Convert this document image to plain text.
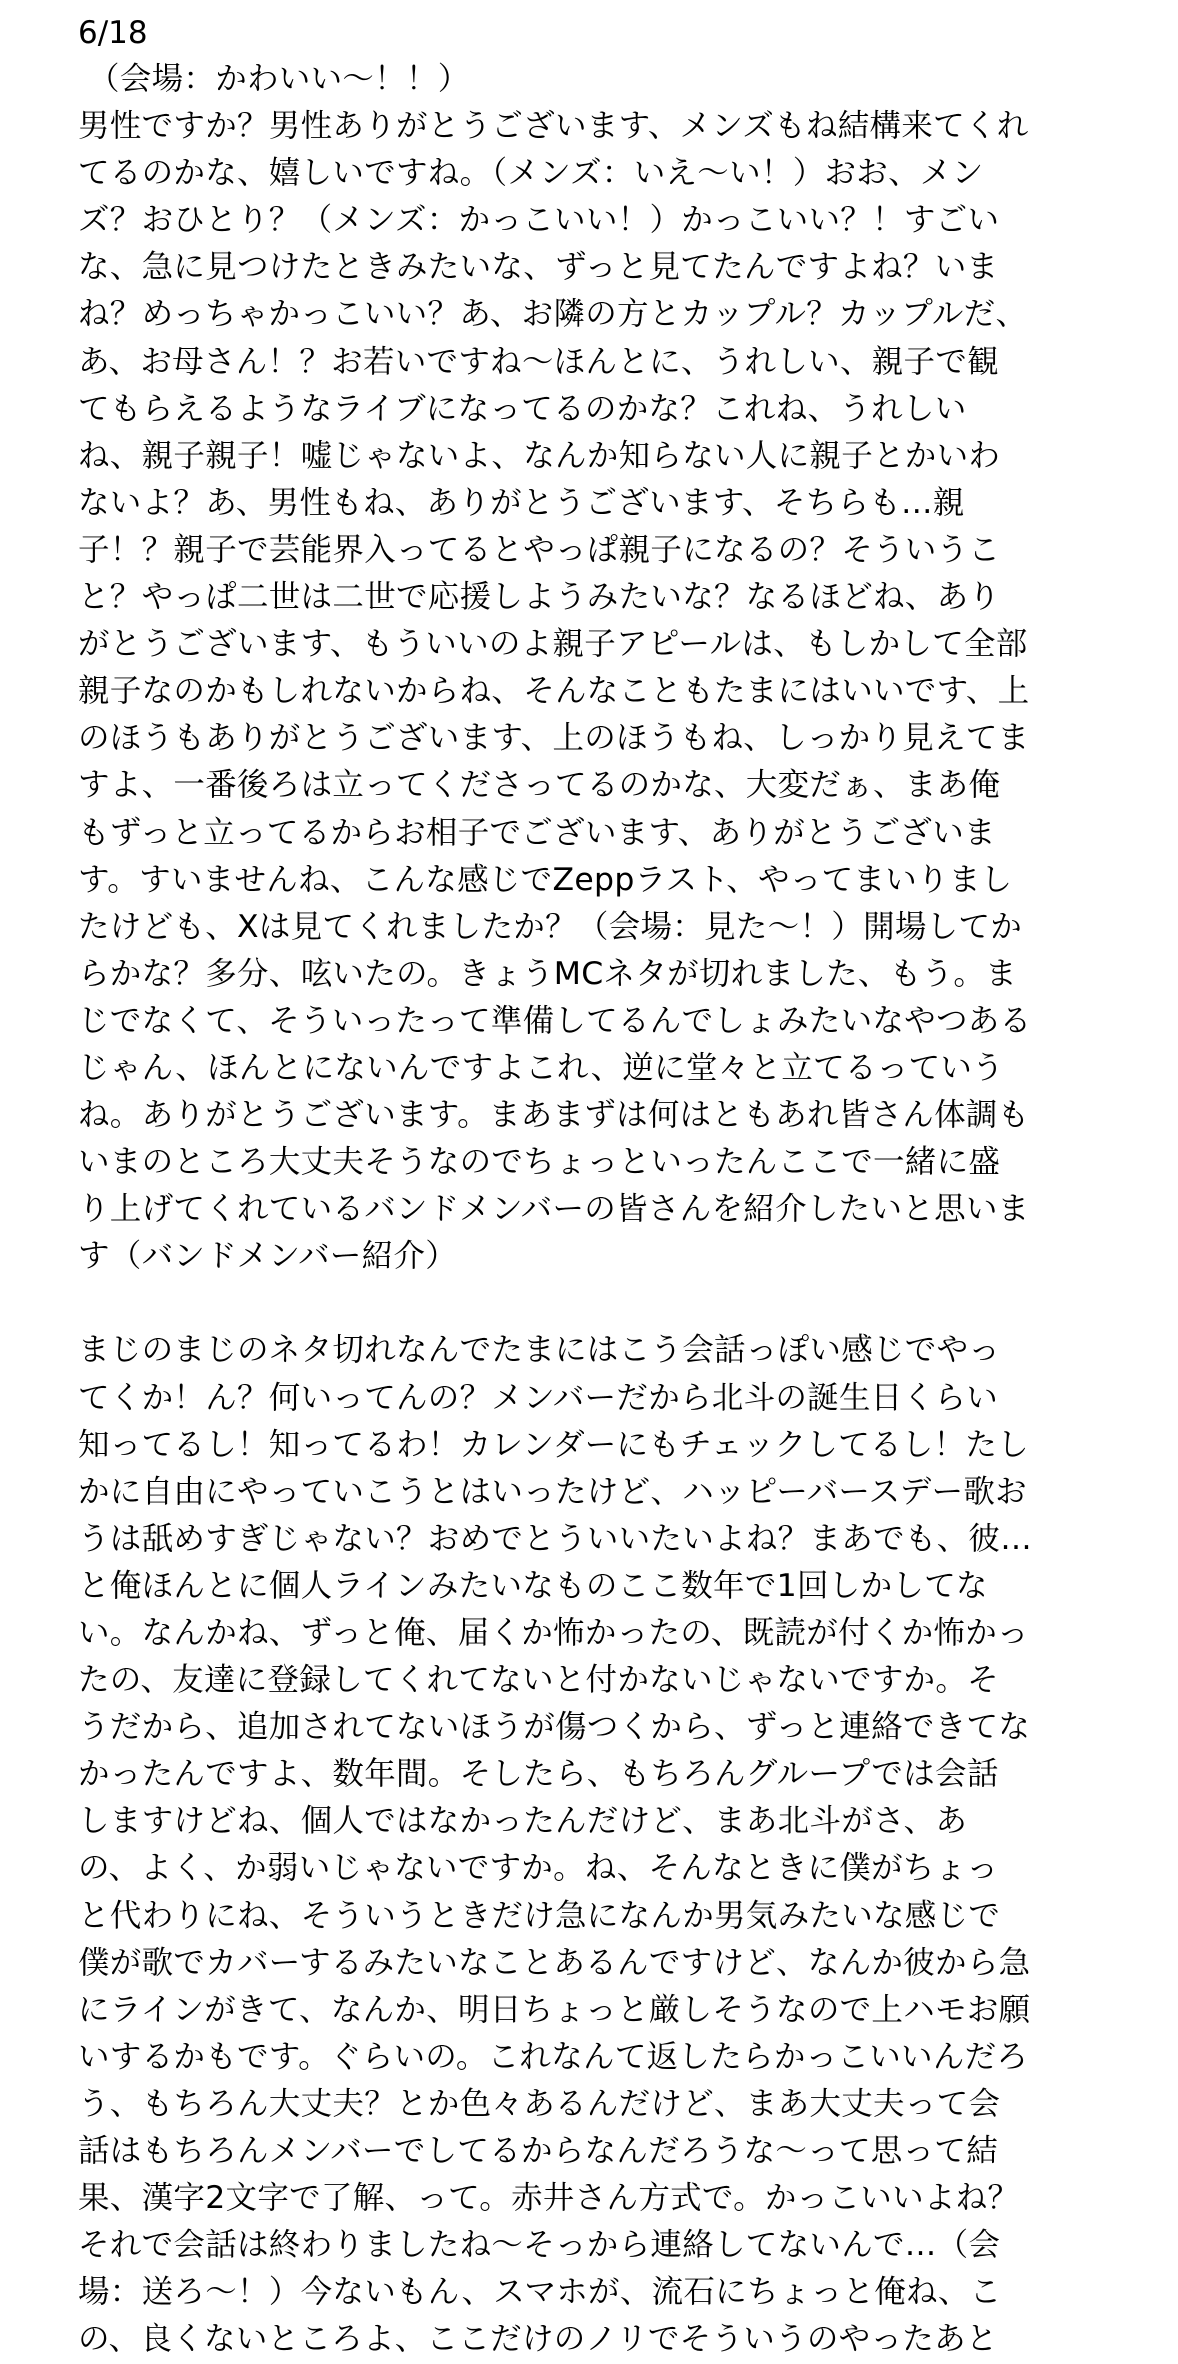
6/18
（会場：かわいい〜！！）
男性ですか？男性ありがとうございます、メンズもね結構来てくれ
てるのかな、嬉しいですね。（メンズ：いえ〜い！）おお、メン
ズ？おひとり？（メンズ：かっこいい！）かっこいい？！すごい
な、急に見つけたときみたいな、ずっと見てたんですよね？いま
ね？めっちゃかっこいい？あ、お隣の方とカップル？カップルだ、
あ、お母さん！？お若いですね〜ほんとに、うれしい、親子で観
てもらえるようなライブになってるのかな？これね、うれしい
ね、親子親子！嘘じゃないよ、なんか知らない人に親子とかいわ
ないよ？あ、男性もね、ありがとうございます、そちらも…親
子！？親子で芸能界入ってるとやっぱ親子になるの？そういうこ
と？やっぱ二世は二世で応援しようみたいな？なるほどね、あり
がとうございます、もういいのよ親子アピールは、もしかして全部
親子なのかもしれないからね、そんなこともたまにはいいです、上
のほうもありがとうございます、上のほうもね、しっかり見えてま
すよ、一番後ろは立ってくださってるのかな、大変だぁ、まあ俺
もずっと立ってるからお相子でございます、ありがとうございま
す。すいませんね、こんな感じでZeppラスト、やってまいりまし
たけども、Xは見てくれましたか？（会場：見た〜！）開場してか
らかな？多分、呟いたの。きょうMCネタが切れました、もう。ま
じでなくて、そういったって準備してるんでしょみたいなやつある
じゃん、ほんとにないんですよこれ、逆に堂々と立てるっていう
ね。ありがとうございます。まあまずは何はともあれ皆さん体調も
いまのところ大丈夫そうなのでちょっといったんここで一緒に盛
り上げてくれているバンドメンバーの皆さんを紹介したいと思いま
す（バンドメンバー紹介）
まじのまじのネタ切れなんでたまにはこう会話っぽい感じでやっ
てくか！ん？何いってんの？メンバーだから北斗の誕生日くらい
知ってるし！知ってるわ！カレンダーにもチェックしてるし！たし
かに自由にやっていこうとはいったけど、ハッピーバースデー歌お
うは舐めすぎじゃない？おめでとういいたいよね？まあでも、彼…
と俺ほんとに個人ラインみたいなものここ数年で1回しかしてな
い。なんかね、ずっと俺、届くか怖かったの、既読が付くか怖かっ
たの、友達に登録してくれてないと付かないじゃないですか。そ
うだから、追加されてないほうが傷つくから、ずっと連絡できてな
かったんですよ、数年間。そしたら、もちろんグループでは会話
しますけどね、個人ではなかったんだけど、まあ北斗がさ、あ
の、よく、か弱いじゃないですか。ね、そんなときに僕がちょっ
と代わりにね、そういうときだけ急になんか男気みたいな感じで
僕が歌でカバーするみたいなことあるんですけど、なんか彼から急
にラインがきて、なんか、明日ちょっと厳しそうなので上ハモお願
いするかもです。ぐらいの。これなんて返したらかっこいいんだろ
う、もちろん大丈夫？とか色々あるんだけど、まあ大丈夫って会
話はもちろんメンバーでしてるからなんだろうな〜って思って結
果、漢字2文字で了解、って。赤井さん方式で。かっこいいよね？
それで会話は終わりましたね〜そっから連絡してないんで…（会
場：送ろ〜！）今ないもん、スマホが、流石にちょっと俺ね、こ
の、良くないところよ、ここだけのノリでそういうのやったあと
